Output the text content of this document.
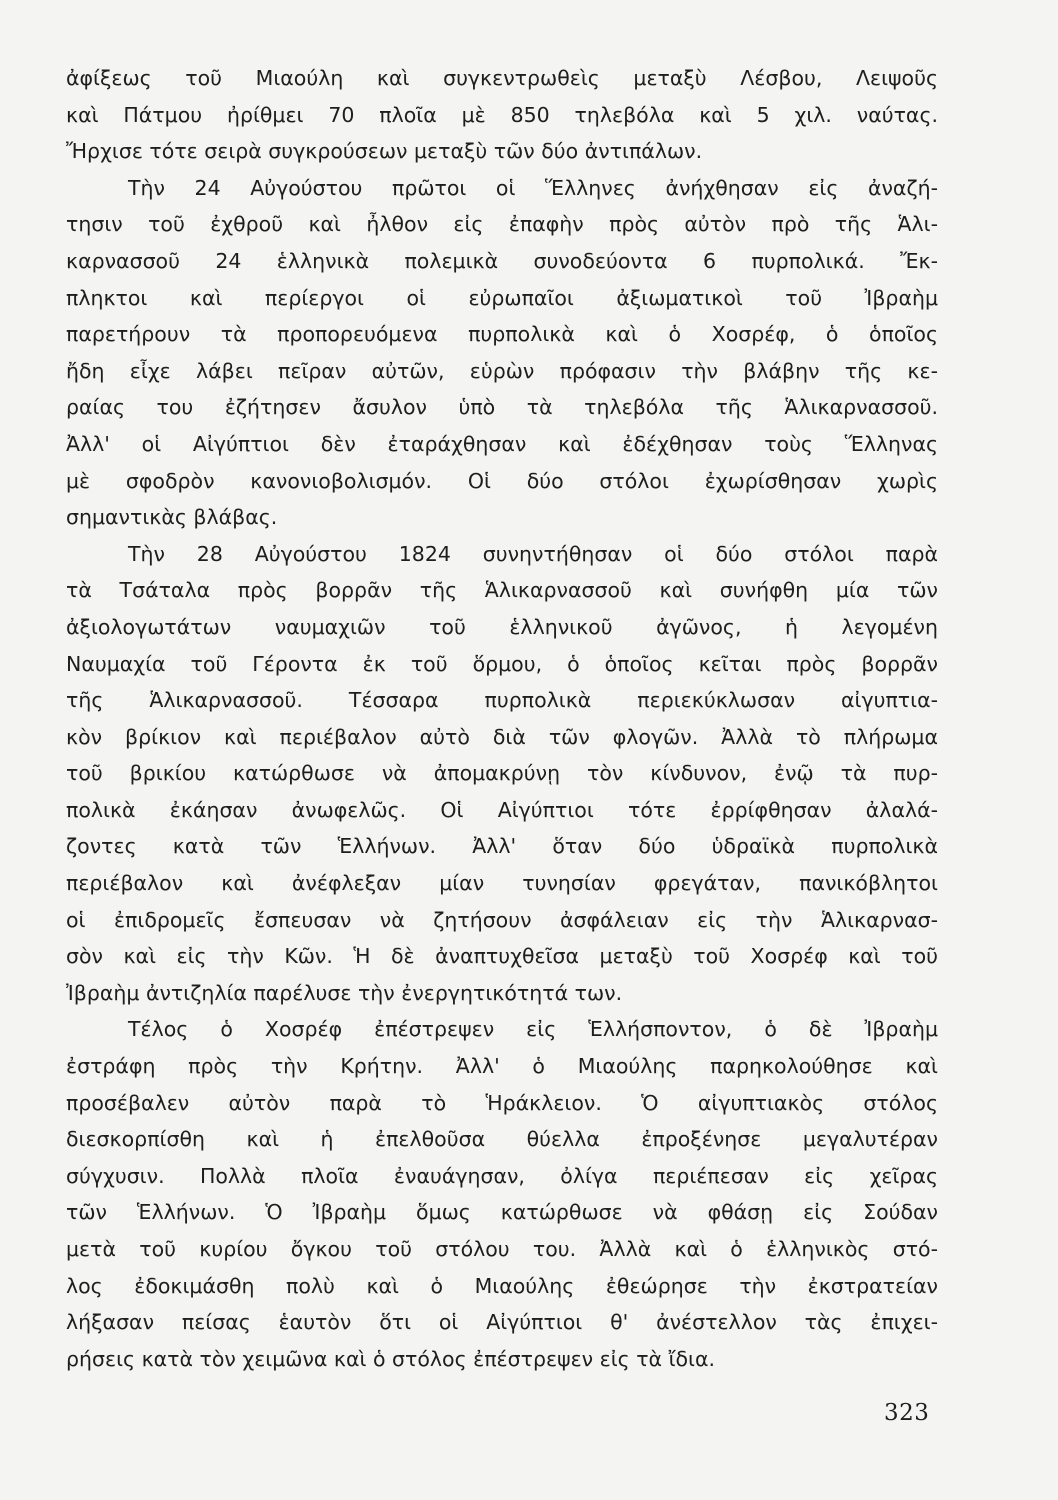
ἀφίξεως τοῦ Μιαούλη καὶ συγκεντρωθεὶς μεταξὺ Λέσβου, Λειψοῦς
καὶ Πάτμου ἠρίθμει 70 πλοῖα μὲ 850 τηλεβόλα καὶ 5 χιλ. ναύτας.
Ἤρχισε τότε σειρὰ συγκρούσεων μεταξὺ τῶν δύο ἀντιπάλων.
Τὴν 24 Αὐγούστου πρῶτοι οἱ Ἕλληνες ἀνήχθησαν εἰς ἀναζή-
τησιν τοῦ ἐχθροῦ καὶ ἦλθον εἰς ἐπαφὴν πρὸς αὐτὸν πρὸ τῆς Ἁλι-
καρνασσοῦ 24 ἑλληνικὰ πολεμικὰ συνοδεύοντα 6 πυρπολικά. Ἔκ-
πληκτοι καὶ περίεργοι οἱ εὐρωπαῖοι ἀξιωματικοὶ τοῦ Ἰβραὴμ
παρετήρουν τὰ προπορευόμενα πυρπολικὰ καὶ ὁ Χοσρέφ, ὁ ὁποῖος
ἤδη εἶχε λάβει πεῖραν αὐτῶν, εὑρὼν πρόφασιν τὴν βλάβην τῆς κε-
ραίας του ἐζήτησεν ἄσυλον ὑπὸ τὰ τηλεβόλα τῆς Ἁλικαρνασσοῦ.
Ἀλλ' οἱ Αἰγύπτιοι δὲν ἐταράχθησαν καὶ ἐδέχθησαν τοὺς Ἕλληνας
μὲ σφοδρὸν κανονιοβολισμόν. Οἱ δύο στόλοι ἐχωρίσθησαν χωρὶς
σημαντικὰς βλάβας.
Τὴν 28 Αὐγούστου 1824 συνηντήθησαν οἱ δύο στόλοι παρὰ
τὰ Τσάταλα πρὸς βορρᾶν τῆς Ἁλικαρνασσοῦ καὶ συνήφθη μία τῶν
ἀξιολογωτάτων ναυμαχιῶν τοῦ ἑλληνικοῦ ἀγῶνος, ἡ λεγομένη
Ναυμαχία τοῦ Γέροντα ἐκ τοῦ ὅρμου, ὁ ὁποῖος κεῖται πρὸς βορρᾶν
τῆς Ἁλικαρνασσοῦ. Τέσσαρα πυρπολικὰ περιεκύκλωσαν αἰγυπτια-
κὸν βρίκιον καὶ περιέβαλον αὐτὸ διὰ τῶν φλογῶν. Ἀλλὰ τὸ πλήρωμα
τοῦ βρικίου κατώρθωσε νὰ ἀπομακρύνῃ τὸν κίνδυνον, ἐνῷ τὰ πυρ-
πολικὰ ἐκάησαν ἀνωφελῶς. Οἱ Αἰγύπτιοι τότε ἐρρίφθησαν ἀλαλά-
ζοντες κατὰ τῶν Ἑλλήνων. Ἀλλ' ὅταν δύο ὑδραϊκὰ πυρπολικὰ
περιέβαλον καὶ ἀνέφλεξαν μίαν τυνησίαν φρεγάταν, πανικόβλητοι
οἱ ἐπιδρομεῖς ἔσπευσαν νὰ ζητήσουν ἀσφάλειαν εἰς τὴν Ἁλικαρνασ-
σὸν καὶ εἰς τὴν Κῶν. Ἡ δὲ ἀναπτυχθεῖσα μεταξὺ τοῦ Χοσρέφ καὶ τοῦ
Ἰβραὴμ ἀντιζηλία παρέλυσε τὴν ἐνεργητικότητά των.
Τέλος ὁ Χοσρέφ ἐπέστρεψεν εἰς Ἑλλήσποντον, ὁ δὲ Ἰβραὴμ
ἐστράφη πρὸς τὴν Κρήτην. Ἀλλ' ὁ Μιαούλης παρηκολούθησε καὶ
προσέβαλεν αὐτὸν παρὰ τὸ Ἡράκλειον. Ὁ αἰγυπτιακὸς στόλος
διεσκορπίσθη καὶ ἡ ἐπελθοῦσα θύελλα ἐπροξένησε μεγαλυτέραν
σύγχυσιν. Πολλὰ πλοῖα ἐναυάγησαν, ὀλίγα περιέπεσαν εἰς χεῖρας
τῶν Ἑλλήνων. Ὁ Ἰβραὴμ ὅμως κατώρθωσε νὰ φθάσῃ εἰς Σούδαν
μετὰ τοῦ κυρίου ὄγκου τοῦ στόλου του. Ἀλλὰ καὶ ὁ ἑλληνικὸς στό-
λος ἐδοκιμάσθη πολὺ καὶ ὁ Μιαούλης ἐθεώρησε τὴν ἐκστρατείαν
λήξασαν πείσας ἑαυτὸν ὅτι οἱ Αἰγύπτιοι θ' ἀνέστελλον τὰς ἐπιχει-
ρήσεις κατὰ τὸν χειμῶνα καὶ ὁ στόλος ἐπέστρεψεν εἰς τὰ ἴδια.
323
